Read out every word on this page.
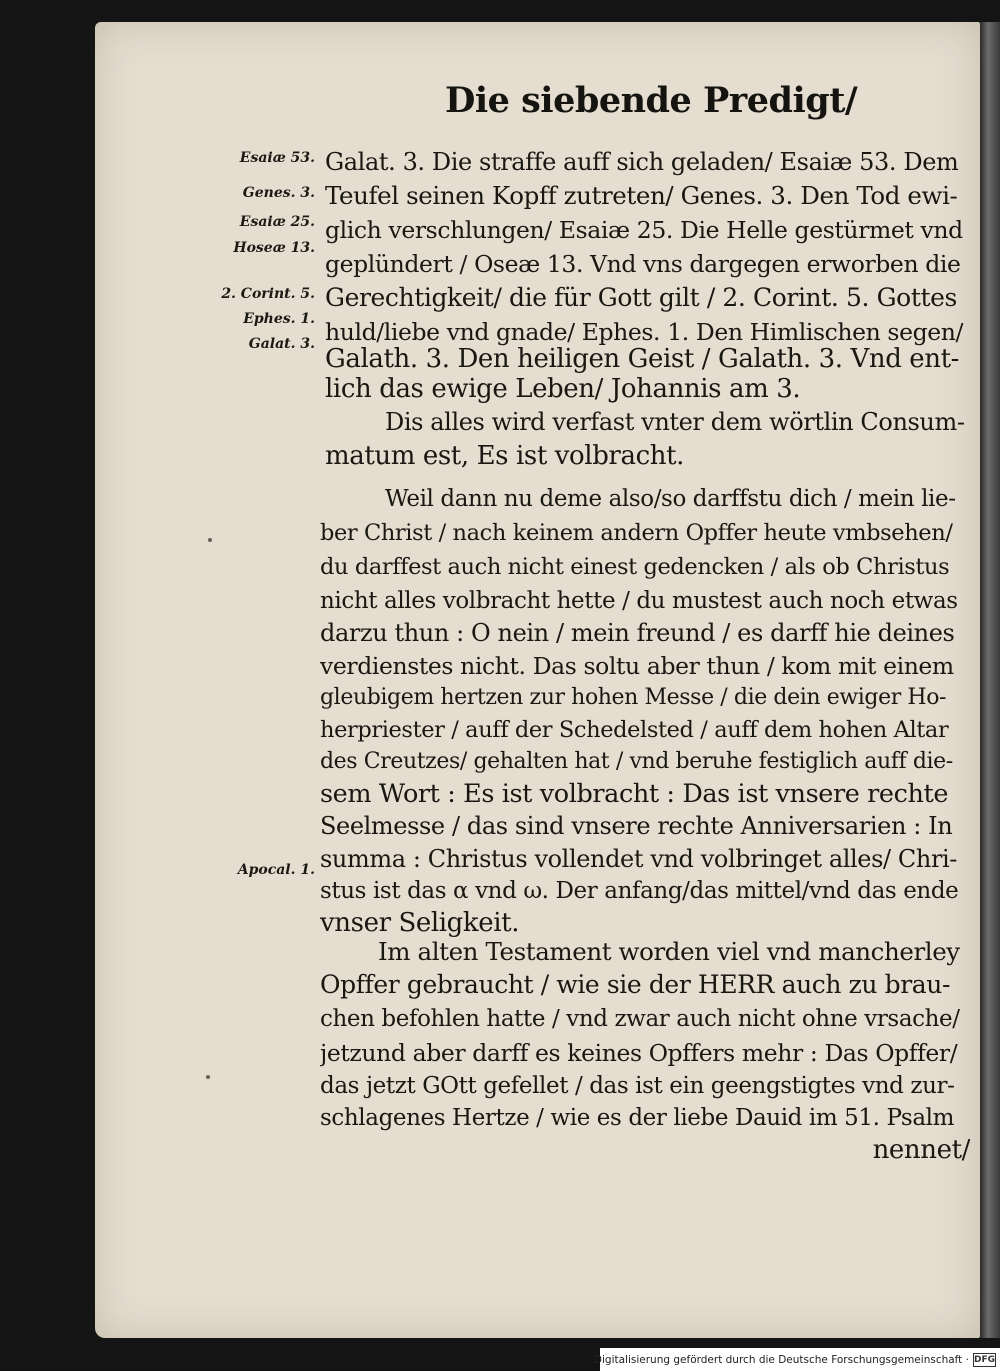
Die siebende Predigt/
Esaiæ 53.
Genes. 3.
Esaiæ 25.
Hoseæ 13.
2. Corint. 5.
Ephes. 1.
Galat. 3.
Apocal. 1.
Galat. 3. Die straffe auff sich geladen/ Esaiæ 53. Dem
Teufel seinen Kopff zutreten/ Genes. 3. Den Tod ewi-
glich verschlungen/ Esaiæ 25. Die Helle gestürmet vnd
geplündert / Oseæ 13. Vnd vns dargegen erworben die
Gerechtigkeit/ die für Gott gilt / 2. Corint. 5. Gottes
huld/liebe vnd gnade/ Ephes. 1. Den Himlischen segen/
Galath. 3. Den heiligen Geist / Galath. 3. Vnd ent-
lich das ewige Leben/ Johannis am 3.
Dis alles wird verfast vnter dem wörtlin Consum-
matum est, Es ist volbracht.
Weil dann nu deme also/so darffstu dich / mein lie-
ber Christ / nach keinem andern Opffer heute vmbsehen/
du darffest auch nicht einest gedencken / als ob Christus
nicht alles volbracht hette / du mustest auch noch etwas
darzu thun : O nein / mein freund / es darff hie deines
verdienstes nicht. Das soltu aber thun / kom mit einem
gleubigem hertzen zur hohen Messe / die dein ewiger Ho-
herpriester / auff der Schedelsted / auff dem hohen Altar
des Creutzes/ gehalten hat / vnd beruhe festiglich auff die-
sem Wort : Es ist volbracht : Das ist vnsere rechte
Seelmesse / das sind vnsere rechte Anniversarien : In
summa : Christus vollendet vnd volbringet alles/ Chri-
stus ist das α vnd ω. Der anfang/das mittel/vnd das ende
vnser Seligkeit.
Im alten Testament worden viel vnd mancherley
Opffer gebraucht / wie sie der HERR auch zu brau-
chen befohlen hatte / vnd zwar auch nicht ohne vrsache/
jetzund aber darff es keines Opffers mehr : Das Opffer/
das jetzt GOtt gefellet / das ist ein geengstigtes vnd zur-
schlagenes Hertze / wie es der liebe Dauid im 51. Psalm
nennet/
Digitalisierung gefördert durch die Deutsche Forschungsgemeinschaft · DFG
